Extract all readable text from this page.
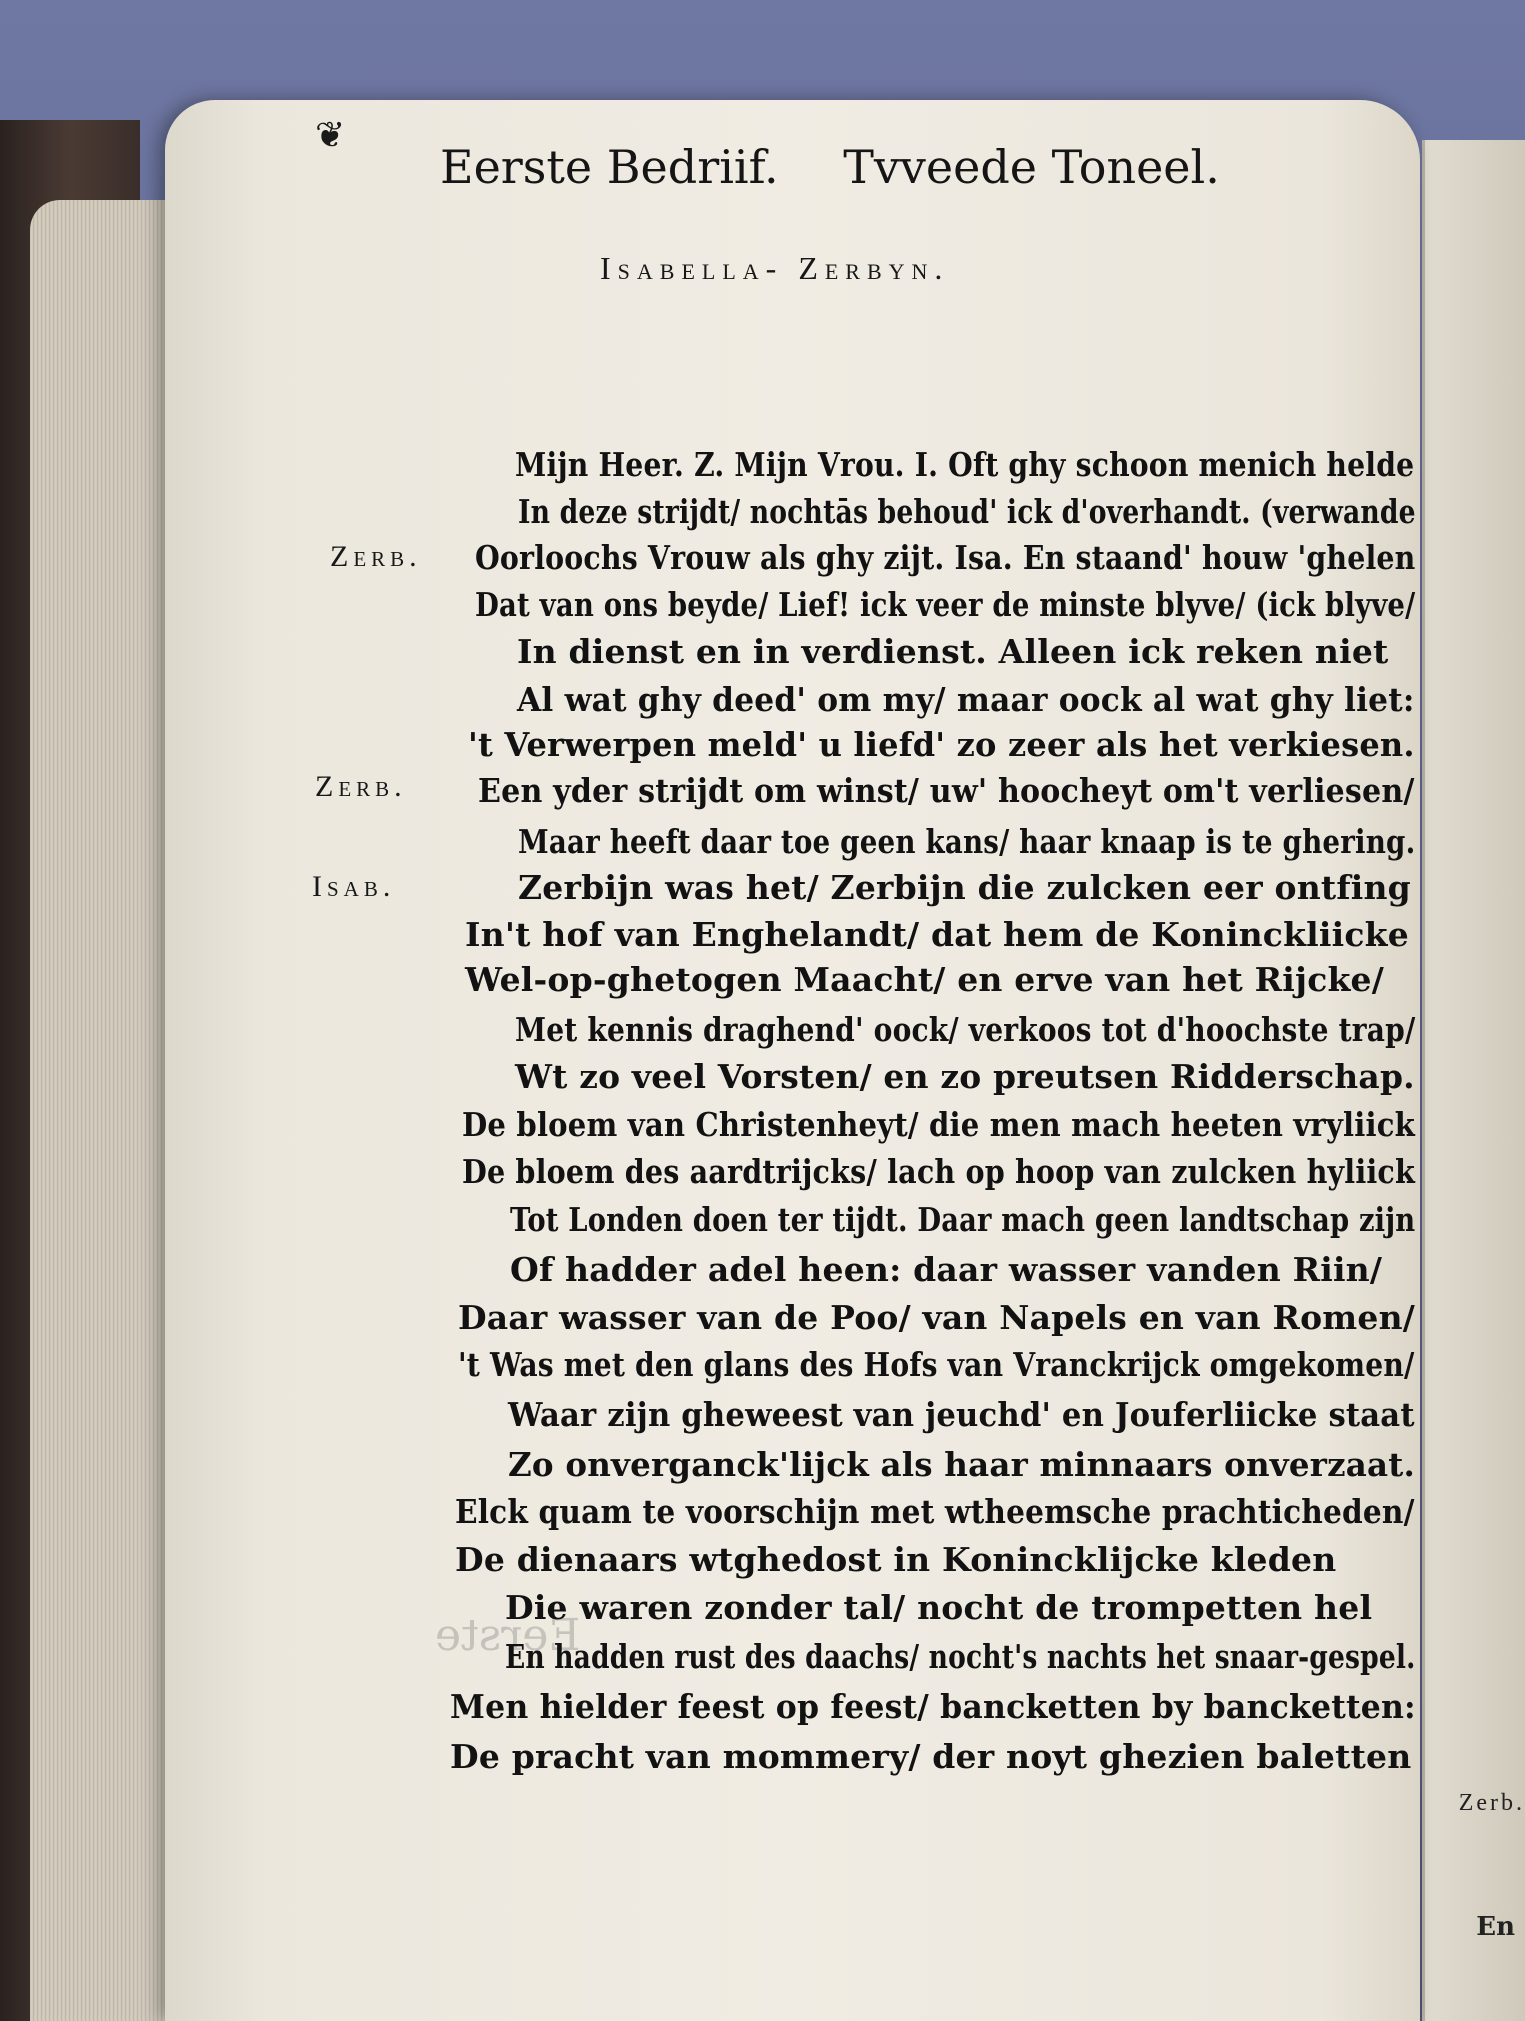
Zerb.
En
Eerste
❦
Eerste Bedriif. Tvveede Toneel.
Isabella- Zerbyn.
Zerb.
Zerb.
Isab.
Mijn Heer. Z. Mijn Vrou. I. Oft ghy schoon menich helde
In deze strijdt/ nochtās behoud' ick d'overhandt. (verwande
Oorloochs Vrouw als ghy zijt. Isa. En staand' houw 'ghelen
Dat van ons beyde/ Lief! ick veer de minste blyve/ (ick blyve/
In dienst en in verdienst. Alleen ick reken niet
Al wat ghy deed' om my/ maar oock al wat ghy liet:
't Verwerpen meld' u liefd' zo zeer als het verkiesen.
Een yder strijdt om winst/ uw' hoocheyt om't verliesen/
Maar heeft daar toe geen kans/ haar knaap is te ghering.
Zerbijn was het/ Zerbijn die zulcken eer ontfing
In't hof van Enghelandt/ dat hem de Koninckliicke
Wel-op-ghetogen Maacht/ en erve van het Rijcke/
Met kennis draghend' oock/ verkoos tot d'hoochste trap/
Wt zo veel Vorsten/ en zo preutsen Ridderschap.
De bloem van Christenheyt/ die men mach heeten vryliick
De bloem des aardtrijcks/ lach op hoop van zulcken hyliick
Tot Londen doen ter tijdt. Daar mach geen landtschap zijn
Of hadder adel heen: daar wasser vanden Riin/
Daar wasser van de Poo/ van Napels en van Romen/
't Was met den glans des Hofs van Vranckrijck omgekomen/
Waar zijn gheweest van jeuchd' en Jouferliicke staat
Zo onverganck'lijck als haar minnaars onverzaat.
Elck quam te voorschijn met wtheemsche prachticheden/
De dienaars wtghedost in Konincklijcke kleden
Die waren zonder tal/ nocht de trompetten hel
En hadden rust des daachs/ nocht's nachts het snaar-gespel.
Men hielder feest op feest/ bancketten by bancketten:
De pracht van mommery/ der noyt ghezien baletten
